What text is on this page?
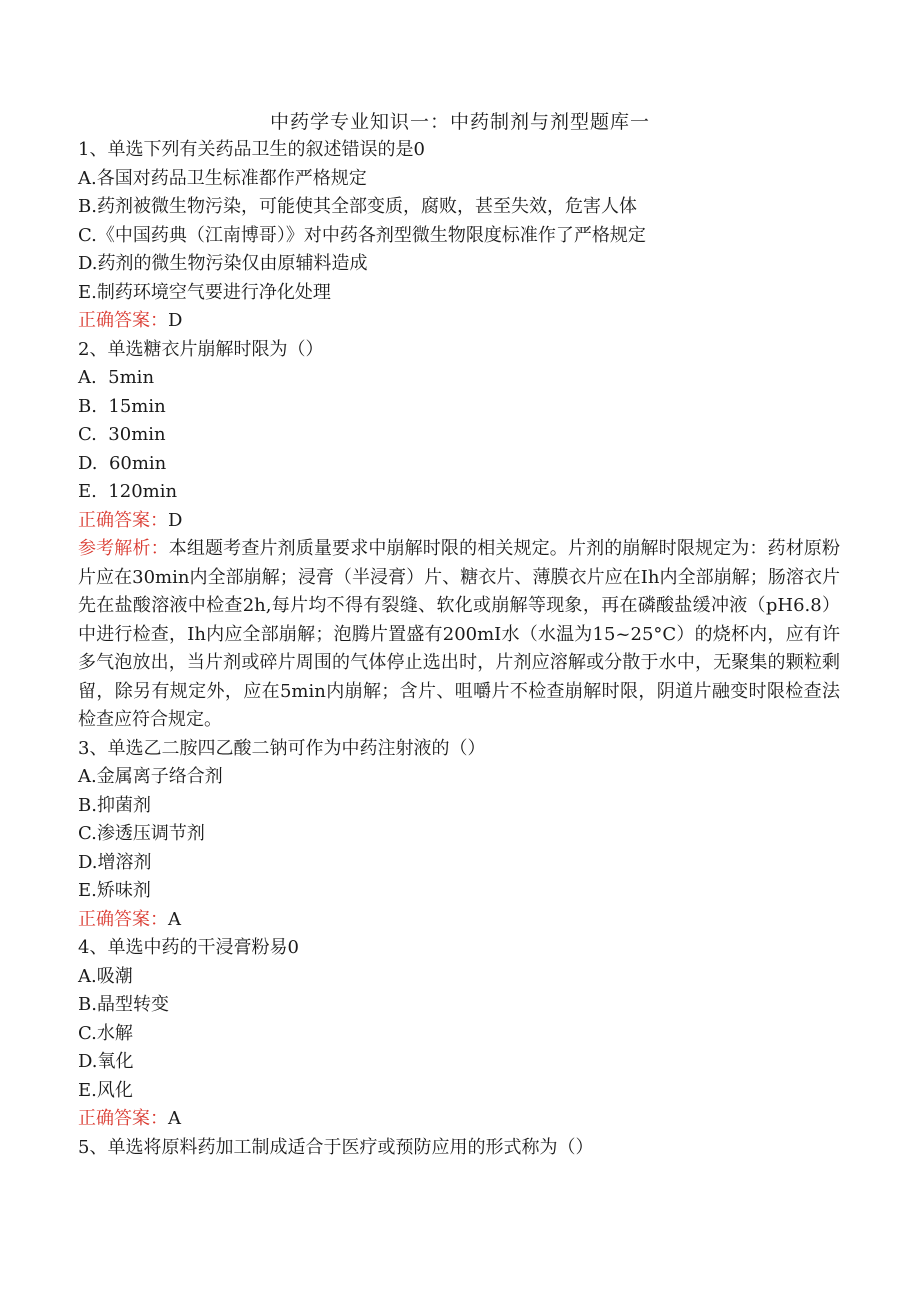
中药学专业知识一：中药制剂与剂型题库一
1、单选下列有关药品卫生的叙述错误的是0
A.各国对药品卫生标准都作严格规定
B.药剂被微生物污染，可能使其全部变质，腐败，甚至失效，危害人体
C.《中国药典（江南博哥）》对中药各剂型微生物限度标准作了严格规定
D.药剂的微生物污染仅由原辅料造成
E.制药环境空气要进行净化处理
正确答案：D
2、单选糖衣片崩解时限为（）
A.  5min
B.  15min
C.  30min
D.  60min
E.  120min
正确答案：D
参考解析：本组题考查片剂质量要求中崩解时限的相关规定。片剂的崩解时限规定为：药材原粉片应在30min内全部崩解；浸膏（半浸膏）片、糖衣片、薄膜衣片应在Ih内全部崩解；肠溶衣片先在盐酸溶液中检查2h,每片均不得有裂缝、软化或崩解等现象，再在磷酸盐缓冲液（pH6.8）中进行检查，Ih内应全部崩解；泡腾片置盛有200mI水（水温为15~25°C）的烧杯内，应有许多气泡放出，当片剂或碎片周围的气体停止选出时，片剂应溶解或分散于水中，无聚集的颗粒剩留，除另有规定外，应在5min内崩解；含片、咀嚼片不检查崩解时限，阴道片融变时限检查法检查应符合规定。
3、单选乙二胺四乙酸二钠可作为中药注射液的（）
A.金属离子络合剂
B.抑菌剂
C.渗透压调节剂
D.增溶剂
E.矫味剂
正确答案：A
4、单选中药的干浸膏粉易0
A.吸潮
B.晶型转变
C.水解
D.氧化
E.风化
正确答案：A
5、单选将原料药加工制成适合于医疗或预防应用的形式称为（）
